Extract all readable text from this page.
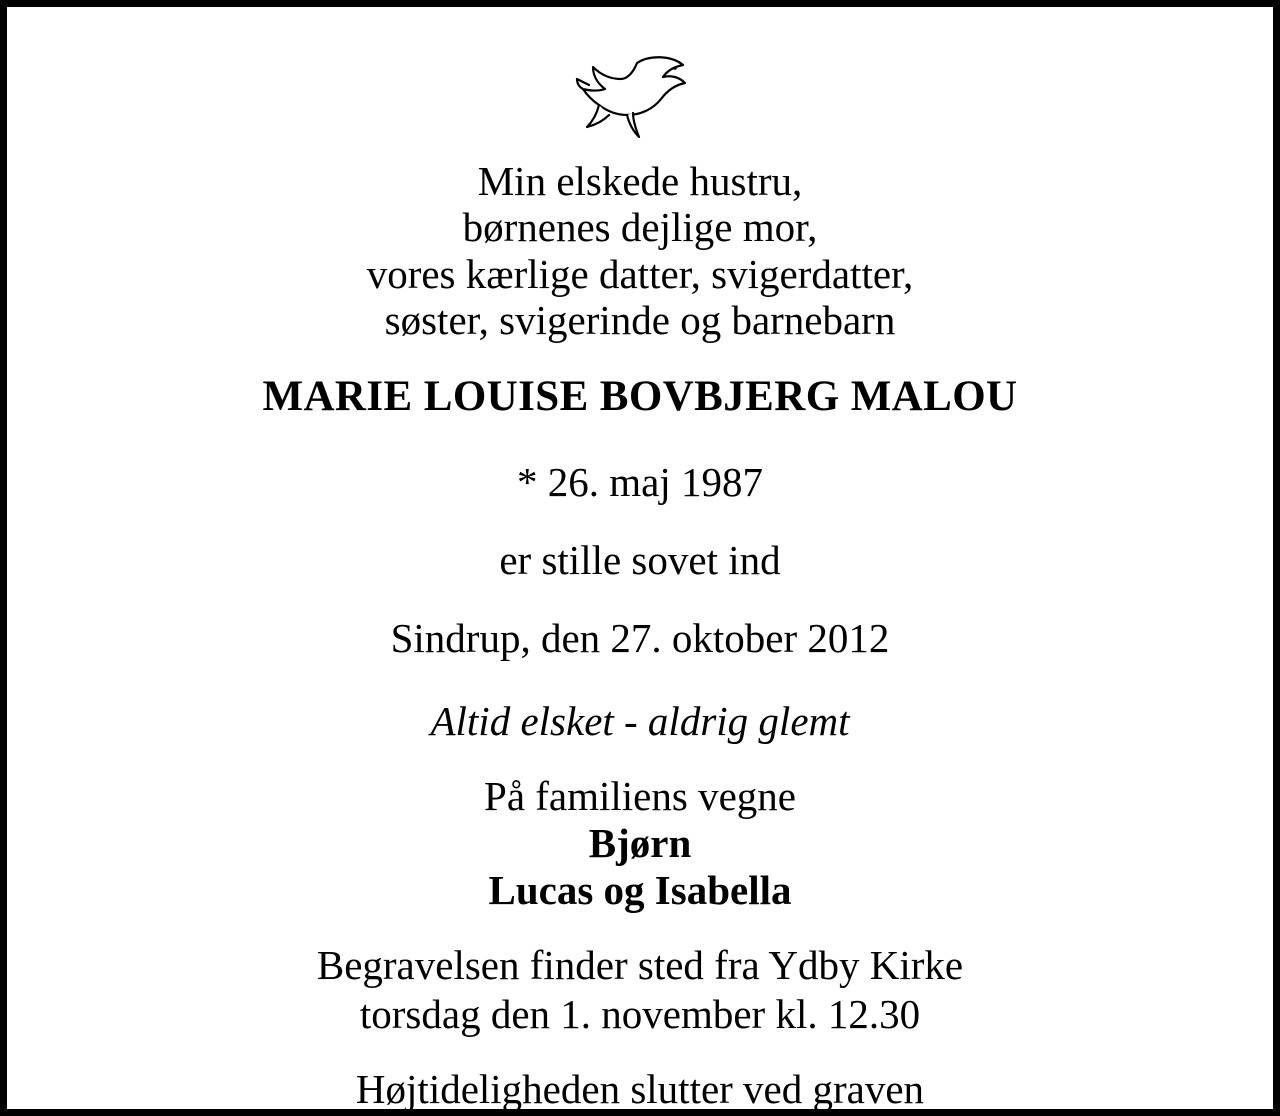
Min elskede hustru,
børnenes dejlige mor,
vores kærlige datter, svigerdatter,
søster, svigerinde og barnebarn
MARIE LOUISE BOVBJERG MALOU
* 26. maj 1987
er stille sovet ind
Sindrup, den 27. oktober 2012
Altid elsket - aldrig glemt
På familiens vegne
Bjørn
Lucas og Isabella
Begravelsen finder sted fra Ydby Kirke
torsdag den 1. november kl. 12.30
Højtideligheden slutter ved graven
